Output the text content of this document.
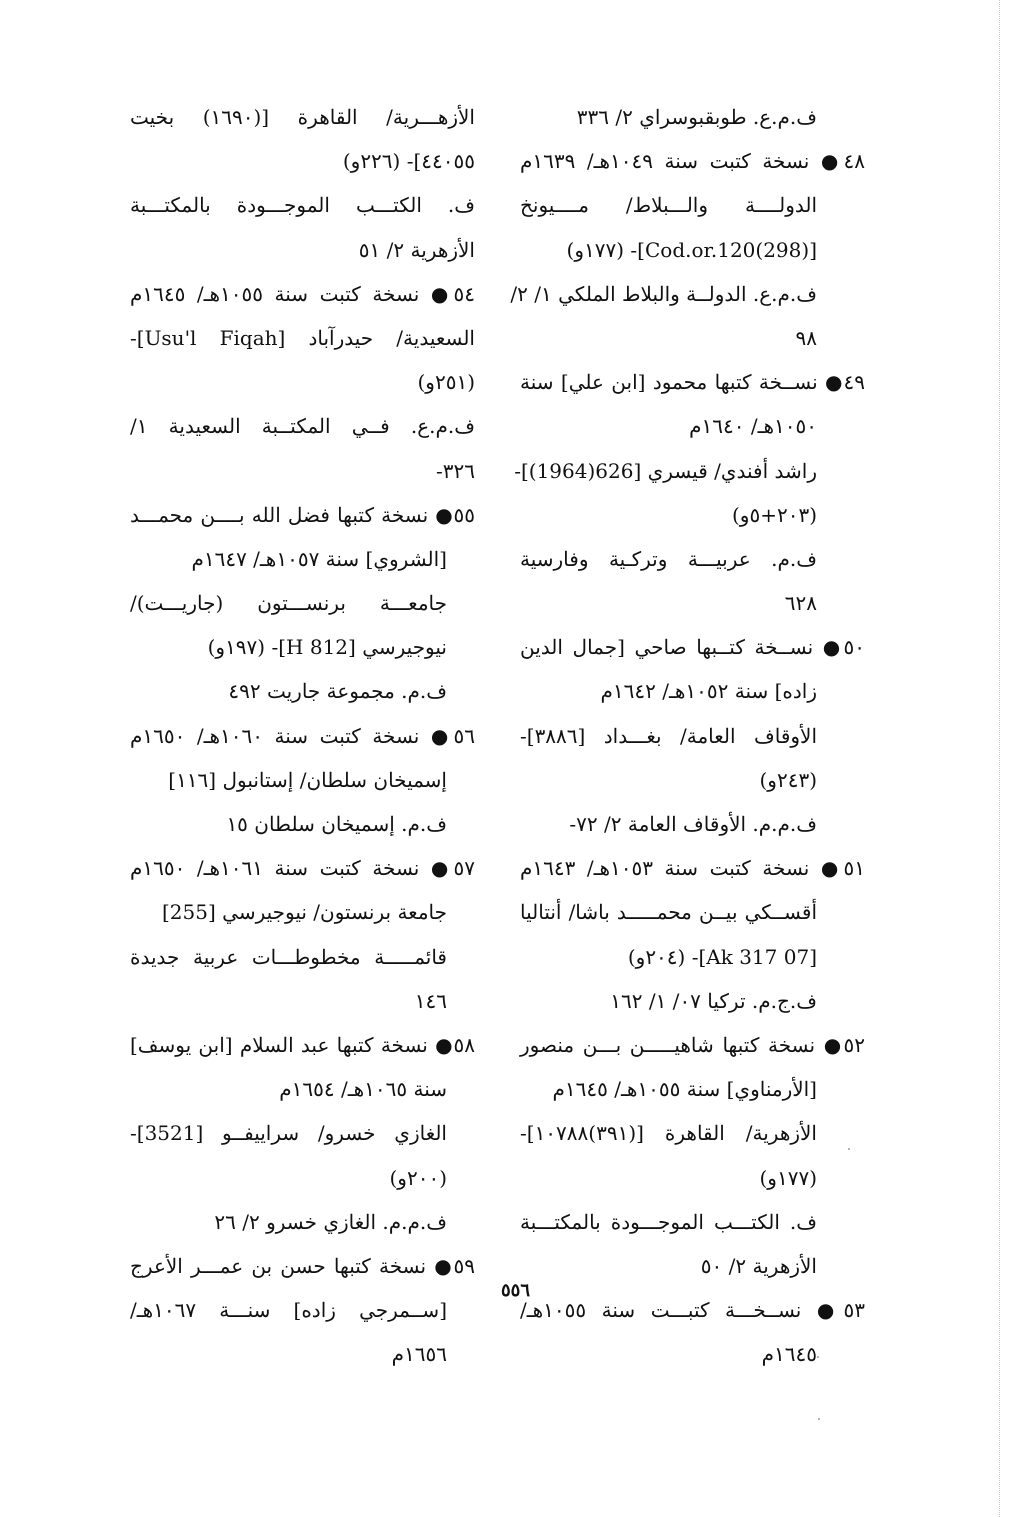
ف.م.ع. طوبقبوسراي ٢/ ٣٣٦
٤٨● نسخة كتبت سنة ١٠٤٩هـ/ ١٦٣٩م
الدولــــة والـــبلاط/ مــــيونخ
[Cod.or.120(298)]- (١٧٧و)
ف.م.ع. الدولــة والبلاط الملكي ١/ ٢/
٩٨
٤٩● نســخة كتبها محمود [ابن علي] سنة
١٠٥٠هـ/ ١٦٤٠م
راشد أفندي/ قيسري [626(1964)]-
(٢٠٣+٥و)
ف.م. عربيـــة وتركـية وفارسية
٦٢٨
٥٠● نســخة كتــبها صاحي [جمال الدين
زاده] سنة ١٠٥٢هـ/ ١٦٤٢م
الأوقاف العامة/ بغـــداد [٣٨٨٦]-
(٢٤٣و)
ف.م.م. الأوقاف العامة ٢/ ٧٢-
٥١● نسخة كتبت سنة ١٠٥٣هـ/ ١٦٤٣م
أقســكي بيــن محمـــــد باشا/ أنتاليا
[07 Ak 317]- (٢٠٤و)
ف.ج.م. تركيا ٠٧/ ١/ ١٦٢
٥٢● نسخة كتبها شاهيـــــن بـــن منصور
[الأرمناوي] سنة ١٠٥٥هـ/ ١٦٤٥م
الأزهرية/ القاهرة [(٣٩١)١٠٧٨٨]-
(١٧٧و)
ف. الكتـــب الموجـــودة بالمكتـــبة
الأزهرية ٢/ ٥٠
٥٣● نســخـــة كتبـــت سنة ١٠٥٥هـ/
١٦٤٥م
الأزهـــرية/ القاهرة [(١٦٩٠) بخيت
٤٤٠٥٥]- (٢٢٦و)
ف. الكتـــب الموجـــودة بالمكتـــبة
الأزهرية ٢/ ٥١
٥٤● نسخة كتبت سنة ١٠٥٥هـ/ ١٦٤٥م
السعيدية/ حيدرآباد [Usu'l Fiqah]-
(٢٥١و)
ف.م.ع. فــي المكتــبة السعيدية ١/
٣٢٦-
٥٥● نسخة كتبها فضل الله بــــن محمـــد
[الشروي] سنة ١٠٥٧هـ/ ١٦٤٧م
جامعـــة برنســـتون (جاريـــت)/
نيوجيرسي [812 H]- (١٩٧و)
ف.م. مجموعة جاريت ٤٩٢
٥٦● نسخة كتبت سنة ١٠٦٠هـ/ ١٦٥٠م
إسميخان سلطان/ إستانبول [١١٦]
ف.م. إسميخان سلطان ١٥
٥٧● نسخة كتبت سنة ١٠٦١هـ/ ١٦٥٠م
جامعة برنستون/ نيوجيرسي [255]
قائمـــــة مخطوطـــات عربية جديدة
١٤٦
٥٨● نسخة كتبها عبد السلام [ابن يوسف]
سنة ١٠٦٥هـ/ ١٦٥٤م
الغازي خسرو/ سراييفــو [3521]-
(٢٠٠و)
ف.م.م. الغازي خسرو ٢/ ٢٦
٥٩● نسخة كتبها حسن بن عمـــر الأعرج
[ســمرجي زاده] سنـــة ١٠٦٧هـ/
١٦٥٦م
٥٥٦
